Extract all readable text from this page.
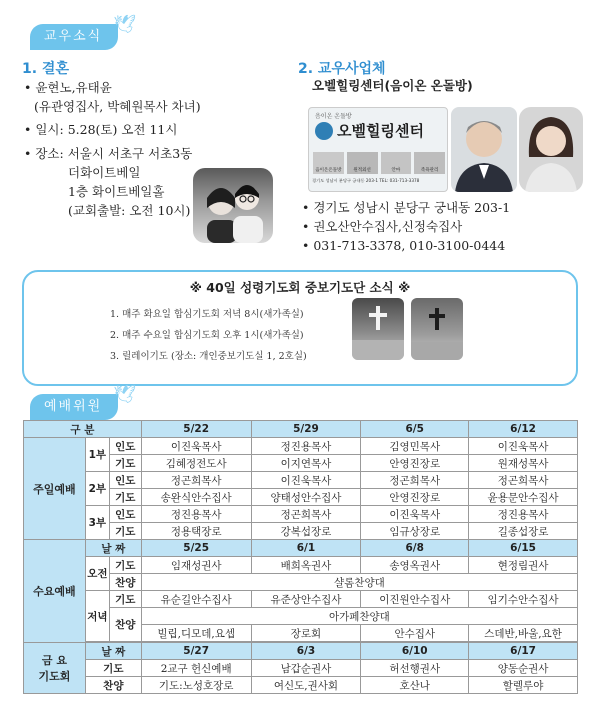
교우소식
🕊
1. 결혼
• 윤현노,유태윤
(유관영집사, 박혜원목사 차녀)
• 일시: 5.28(토) 오전 11시
• 장소: 서울시 서초구 서초3동
더화이트베일
1층 화이트베일홀
(교회출발: 오전 10시)
2. 교우사업체
오벨힐링센터(음이온 온돌방)
음이온 온돌방
오벨힐링센터
음이온온돌방	원적외선	안마	족욕관리
경기도 성남시 분당구 궁내동 203-1 TEL: 031-713-3378
• 경기도 성남시 분당구 궁내동 203-1
• 권오산안수집사,신정숙집사
• 031-713-3378, 010-3100-0444
※ 40일 성령기도회 중보기도단 소식 ※
1. 매주 화요일 합심기도회 저녁 8시(새가족실)
2. 매주 수요일 합심기도회 오후 1시(새가족실)
3. 릴레이기도 (장소: 개인중보기도실 1, 2호실)
예배위원
🕊
구 분			5/22	5/29	6/5	6/12
주일예배	1부	인도	이진욱목사	정진용목사	김영민목사	이진욱목사
		기도	김혜정전도사	이지연목사	안영진장로	원재성목사
	2부	인도	정곤희목사	이진욱목사	정곤희목사	정곤희목사
		기도	송완식안수집사	양태성안수집사	안영진장로	윤용문안수집사
	3부	인도	정진용목사	정곤희목사	이진욱목사	정진용목사
		기도	정용택장로	강복섭장로	임규상장로	길종섭장로
수요예배	날 짜		5/25	6/1	6/8	6/15
	오전	기도	임재성권사	배희옥권사	송영옥권사	현정림권사
		찬양	샬롬찬양대			
	저녁	기도	유순길안수집사	유준상안수집사	이진원안수집사	임기수안수집사
		찬양	아가페찬양대			
			빌립,디모데,요셉	장로회	안수집사	스데반,바울,요한

금 요
기도회	날 짜		5/27	6/3	6/10	6/17
	기도		2교구 헌신예배	남갑순권사	허선행권사	양동순권사
	찬양		기도:노성호장로	여신도,권사회	호산나	할렐루야
